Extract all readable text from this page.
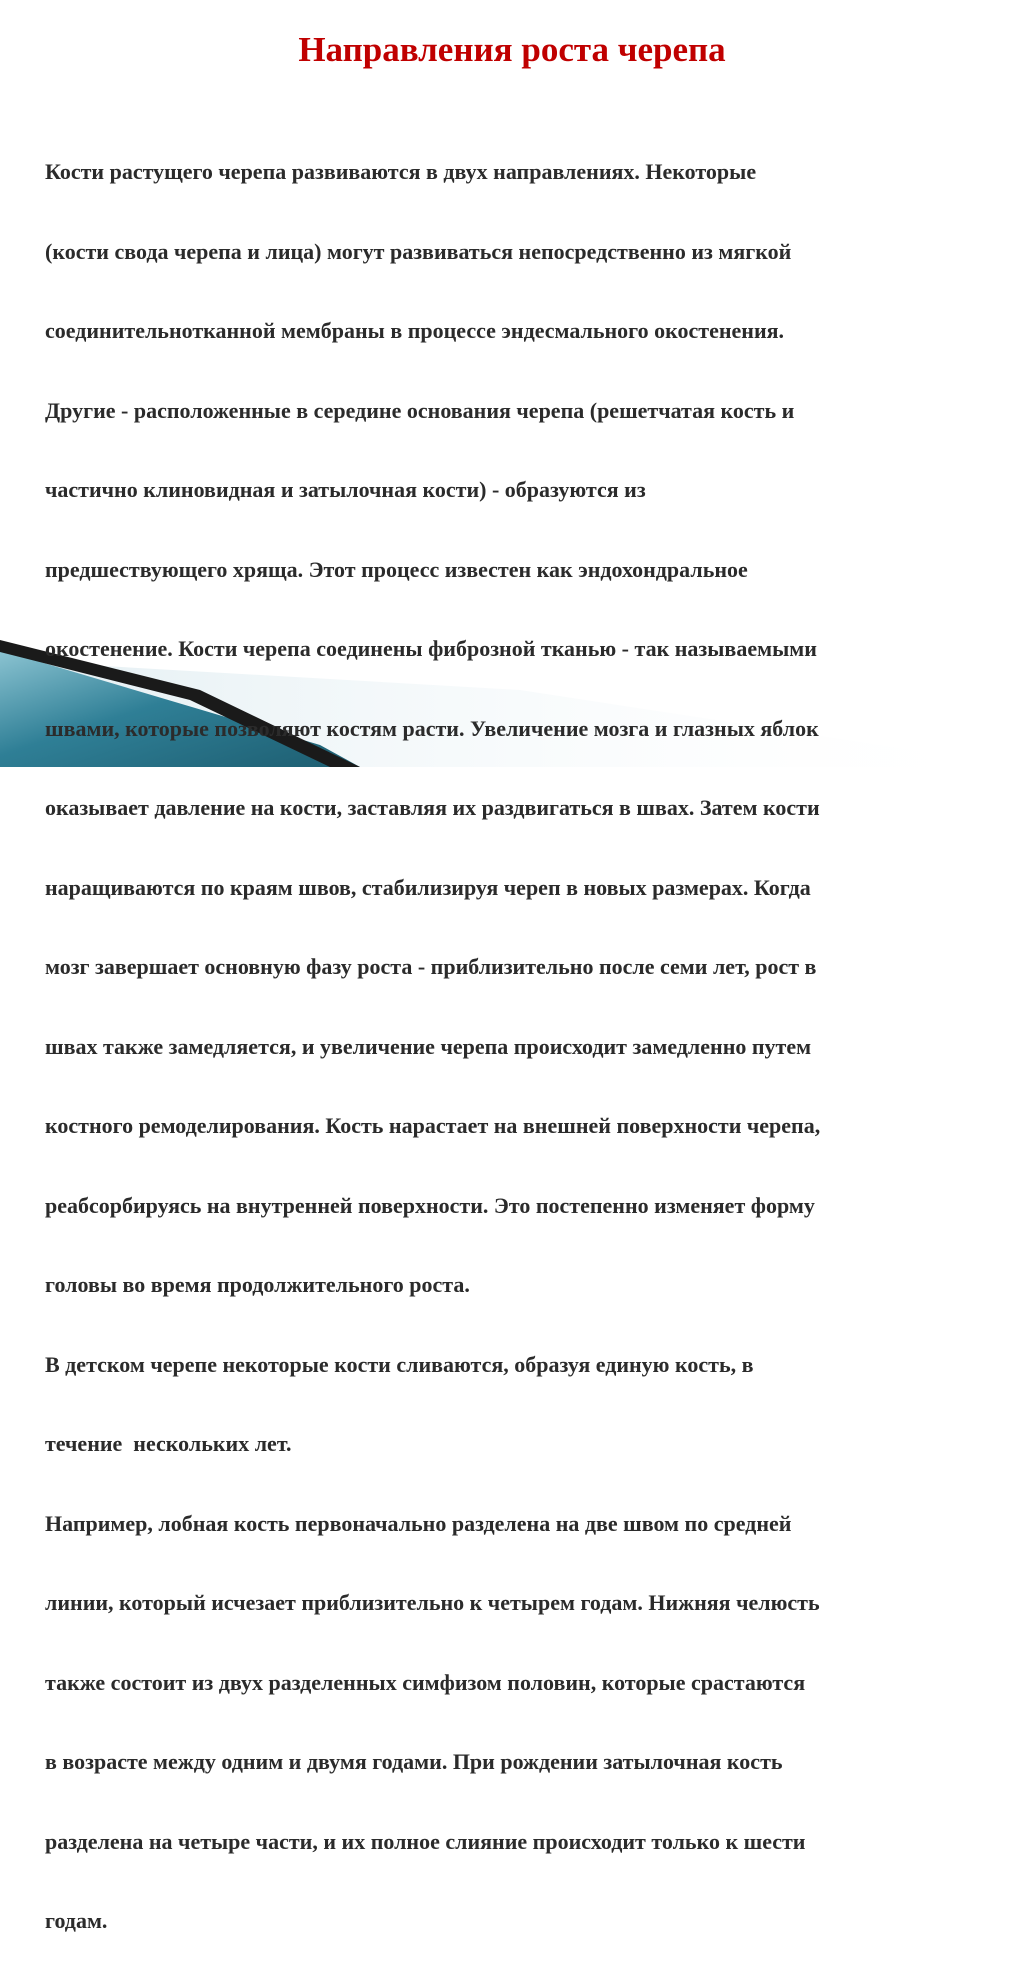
Направления роста черепа

Кости растущего черепа развиваются в двух направлениях. Некоторые

(кости свода черепа и лица) могут развиваться непосредственно из мягкой

соединительнотканной мембраны в процессе эндесмального окостенения.

Другие - расположенные в середине основания черепа (решетчатая кость и

частично клиновидная и затылочная кости) - образуются из

предшествующего хряща. Этот процесс известен как эндохондральное

окостенение. Кости черепа соединены фиброзной тканью - так называемыми

швами, которые позволяют костям расти. Увеличение мозга и глазных яблок

оказывает давление на кости, заставляя их раздвигаться в швах. Затем кости

наращиваются по краям швов, стабилизируя череп в новых размерах. Когда

мозг завершает основную фазу роста - приблизительно после семи лет, рост в

швах также замедляется, и увеличение черепа происходит замедленно путем

костного ремоделирования. Кость нарастает на внешней поверхности черепа,

реабсорбируясь на внутренней поверхности. Это постепенно изменяет форму

головы во время продолжительного роста.

В детском черепе некоторые кости сливаются, образуя единую кость, в

течение  нескольких лет.

Например, лобная кость первоначально разделена на две швом по средней

линии, который исчезает приблизительно к четырем годам. Нижняя челюсть

также состоит из двух разделенных симфизом половин, которые срастаются

в возрасте между одним и двумя годами. При рождении затылочная кость

разделена на четыре части, и их полное слияние происходит только к шести

годам.
